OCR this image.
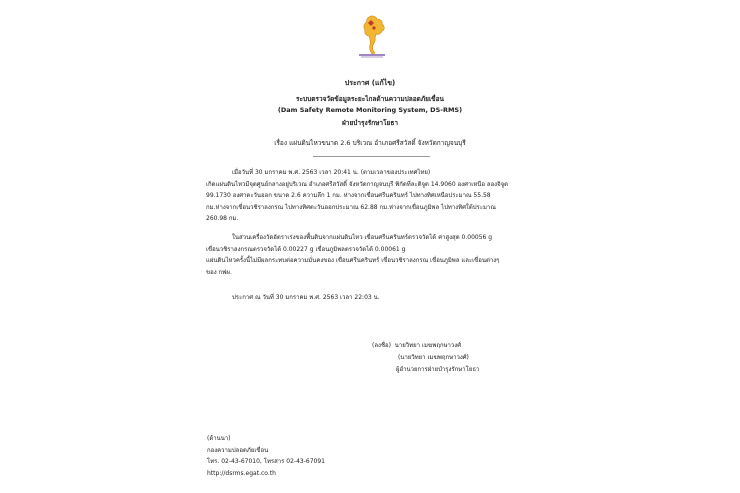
ประกาศ (แก้ไข)
ระบบตรวจวัดข้อมูลระยะไกลด้านความปลอดภัยเขื่อน
(Dam Safety Remote Monitoring System, DS-RMS)
ฝ่ายบำรุงรักษาโยธา
เรื่อง แผ่นดินไหวขนาด 2.6 บริเวณ อำเภอศรีสวัสดิ์ จังหวัดกาญจนบุรี
เมื่อวันที่ 30 มกราคม พ.ศ. 2563 เวลา 20:41 น. (ตามเวลาของประเทศไทย)
เกิดแผ่นดินไหวมีจุดศูนย์กลางอยู่บริเวณ อำเภอศรีสวัสดิ์ จังหวัดกาญจนบุรี พิกัดที่ละติจูด 14.9060 องศาเหนือ ลองจิจูด
99.1730 องศาตะวันออก ขนาด 2.6 ความลึก 1 กม. ห่างจากเขื่อนศรีนครินทร์ ไปทางทิศเหนือประมาณ 55.58
กม.ห่างจากเขื่อนวชิราลงกรณ ไปทางทิศตะวันออกประมาณ 62.88 กม.ห่างจากเขื่อนภูมิพล ไปทางทิศใต้ประมาณ
260.98 กม.
ในส่วนเครื่องวัดอัตราเร่งของพื้นดินจากแผ่นดินไหว เขื่อนศรีนครินทร์ตรวจวัดได้ ค่าสูงสุด 0.00056 g
เขื่อนวชิราลงกรณตรวจวัดได้ 0.00227 g เขื่อนภูมิพลตรวจวัดได้ 0.00061 g
แผ่นดินไหวครั้งนี้ไม่มีผลกระทบต่อความมั่นคงของ เขื่อนศรีนครินทร์ เขื่อนวชิราลงกรณ เขื่อนภูมิพล และเขื่อนต่างๆ
ของ กฟผ.
ประกาศ ณ วันที่ 30 มกราคม พ.ศ. 2563 เวลา 22:03 น.
(ลงชื่อ) นายวิทยา เมฆพฤกษาวงศ์
(นายวิทยา เมฆพฤกษาวงศ์)
ผู้อำนวยการฝ่ายบำรุงรักษาโยธา
(ด้านนา)
กองความปลอดภัยเขื่อน
โทร. 02-43-67010, โทรสาร 02-43-67091
http://dsrms.egat.co.th
